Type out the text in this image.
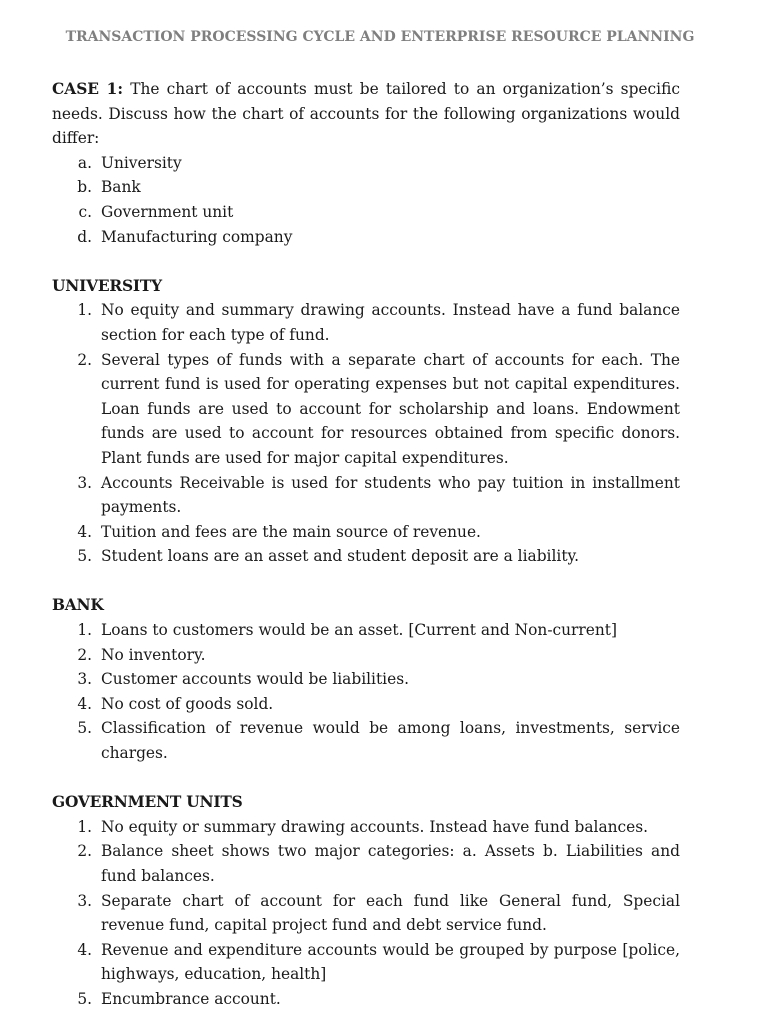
TRANSACTION PROCESSING CYCLE AND ENTERPRISE RESOURCE PLANNING

CASE 1: The chart of accounts must be tailored to an organization’s specific needs. Discuss how the chart of accounts for the following organizations would differ:

a. University
b. Bank
c. Government unit
d. Manufacturing company
UNIVERSITY
1. No equity and summary drawing accounts. Instead have a fund balance section for each type of fund.
2. Several types of funds with a separate chart of accounts for each. The current fund is used for operating expenses but not capital expenditures. Loan funds are used to account for scholarship and loans. Endowment funds are used to account for resources obtained from specific donors. Plant funds are used for major capital expenditures.
3. Accounts Receivable is used for students who pay tuition in installment payments.
4. Tuition and fees are the main source of revenue.
5. Student loans are an asset and student deposit are a liability.
BANK
1. Loans to customers would be an asset. [Current and Non-current]
2. No inventory.
3. Customer accounts would be liabilities.
4. No cost of goods sold.
5. Classification of revenue would be among loans, investments, service charges.
GOVERNMENT UNITS
1. No equity or summary drawing accounts. Instead have fund balances.
2. Balance sheet shows two major categories: a. Assets b. Liabilities and fund balances.
3. Separate chart of account for each fund like General fund, Special revenue fund, capital project fund and debt service fund.
4. Revenue and expenditure accounts would be grouped by purpose [police, highways, education, health]
5. Encumbrance account.
